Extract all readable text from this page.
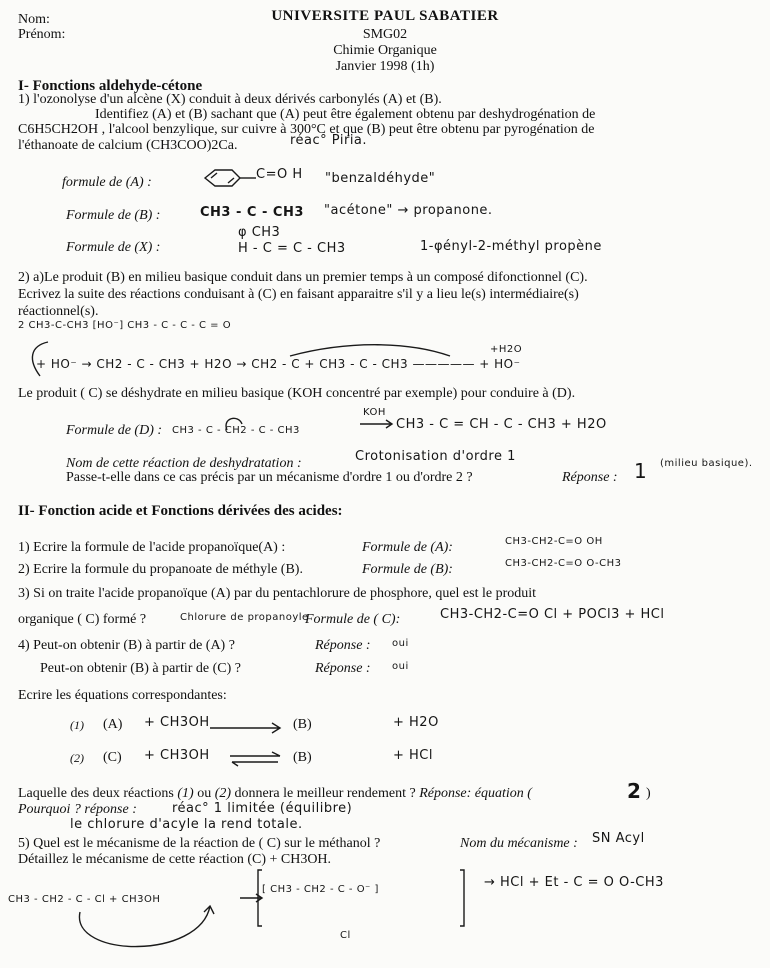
Nom:
Prénom:
UNIVERSITE PAUL SABATIER
SMG02
Chimie Organique
Janvier 1998 (1h)
I- Fonctions aldehyde-cétone
1) l'ozonolyse d'un alcène (X) conduit à deux dérivés carbonylés (A) et (B).
Identifiez (A) et (B) sachant que (A) peut être également obtenu par deshydrogénation de
C6H5CH2OH , l'alcool benzylique, sur cuivre à 300°C et que (B) peut être obtenu par pyrogénation de
l'éthanoate de calcium (CH3COO)2Ca.	réac° Piria.
formule de (A) :
C=O H "benzaldéhyde"
Formule de (B) :	CH3 - C - CH3 "acétone" → propanone.
Formule de (X) :
φ CH3
H - C = C - CH3	1-φényl-2-méthyl propène
2) a)Le produit (B) en milieu basique conduit dans un premier temps à un composé difonctionnel (C).
Ecrivez la suite des réactions conduisant à (C) en faisant apparaitre s'il y a lieu le(s) intermédiaire(s)
réactionnel(s).
2 CH3-C-CH3 [HO⁻] CH3 - C - C - C = O
+H2O
+ HO⁻ → CH2 - C - CH3 + H2O → CH2 - C + CH3 - C - CH3 ————— + HO⁻
Le produit ( C) se déshydrate en milieu basique (KOH concentré par exemple) pour conduire à (D).
Formule de (D) : CH3 - C - CH2 - C - CH3
KOH
CH3 - C = CH - C - CH3 + H2O
Nom de cette réaction de deshydratation :	Crotonisation d'ordre 1
Passe-t-elle dans ce cas précis par un mécanisme d'ordre 1 ou d'ordre 2 ?	Réponse : 1 (milieu basique).
II- Fonction acide et Fonctions dérivées des acides:
1) Ecrire la formule de l'acide propanoïque(A) :	Formule de (A):	CH3-CH2-C=O OH
2) Ecrire la formule du propanoate de méthyle (B).	Formule de (B):	CH3-CH2-C=O O-CH3
3) Si on traite l'acide propanoïque (A) par du pentachlorure de phosphore, quel est le produit
organique ( C) formé ?	Chlorure de propanoyle
Formule de ( C):	CH3-CH2-C=O Cl + POCl3 + HCl
4) Peut-on obtenir (B) à partir de (A) ?	Réponse : oui
Peut-on obtenir (B) à partir de (C) ?	Réponse : oui
Ecrire les équations correspondantes:
(1) (A) + CH3OH	(B)	+ H2O
(2) (C) + CH3OH	(B)	+ HCl
Laquelle des deux réactions (1) ou (2) donnera le meilleur rendement ? Réponse: équation (	2 )
Pourquoi ? réponse :	réac° 1 limitée (équilibre)
le chlorure d'acyle la rend totale.
5) Quel est le mécanisme de la réaction de ( C) sur le méthanol ?	Nom du mécanisme : SN Acyl
Détaillez le mécanisme de cette réaction (C) + CH3OH.
CH3 - CH2 - C - Cl + CH3OH
[ CH3 - CH2 - C - O⁻ ]	→ HCl + Et - C = O O-CH3
Cl
